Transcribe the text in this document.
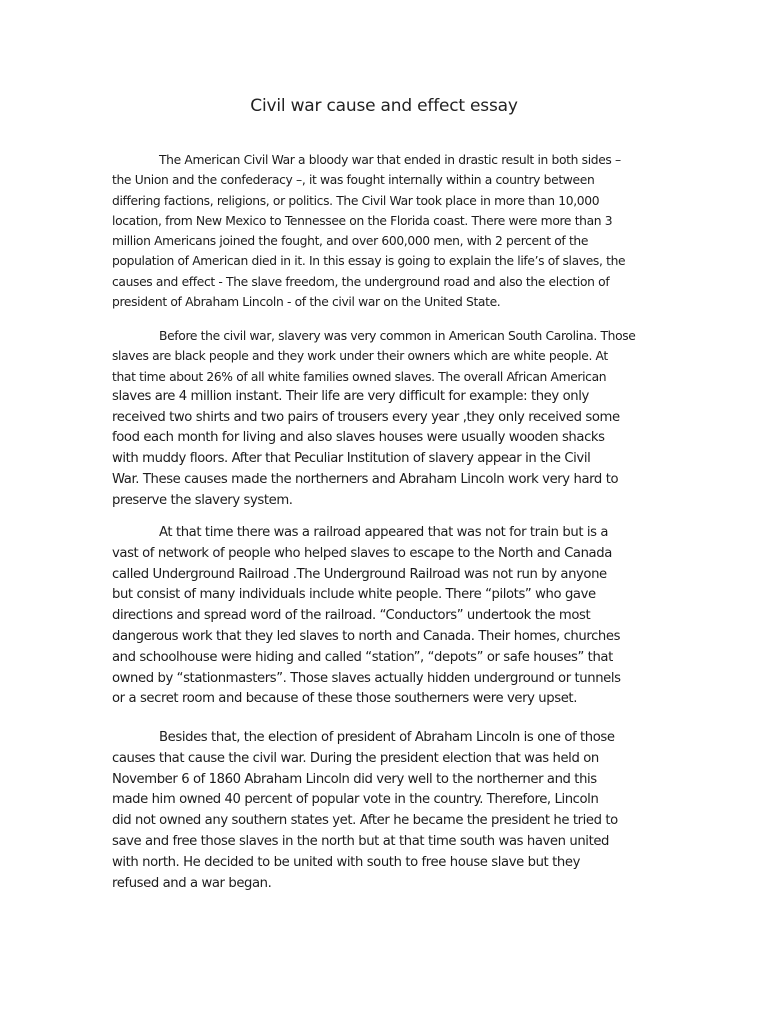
Civil war cause and effect essay
The American Civil War a bloody war that ended in drastic result in both sides –
the Union and the confederacy –, it was fought internally within a country between
differing factions, religions, or politics. The Civil War took place in more than 10,000
location, from New Mexico to Tennessee on the Florida coast. There were more than 3
million Americans joined the fought, and over 600,000 men, with 2 percent of the
population of American died in it. In this essay is going to explain the life’s of slaves, the
causes and effect - The slave freedom, the underground road and also the election of
president of Abraham Lincoln - of the civil war on the United State.
Before the civil war, slavery was very common in American South Carolina. Those
slaves are black people and they work under their owners which are white people. At
that time about 26% of all white families owned slaves. The overall African American
slaves are 4 million instant. Their life are very difficult for example: they only
received two shirts and two pairs of trousers every year ,they only received some
food each month for living and also slaves houses were usually wooden shacks
with muddy floors. After that Peculiar Institution of slavery appear in the Civil
War. These causes made the northerners and Abraham Lincoln work very hard to
preserve the slavery system.
At that time there was a railroad appeared that was not for train but is a
vast of network of people who helped slaves to escape to the North and Canada
called Underground Railroad .The Underground Railroad was not run by anyone
but consist of many individuals include white people. There “pilots” who gave
directions and spread word of the railroad. “Conductors” undertook the most
dangerous work that they led slaves to north and Canada. Their homes, churches
and schoolhouse were hiding and called “station”, “depots” or safe houses” that
owned by “stationmasters”. Those slaves actually hidden underground or tunnels
or a secret room and because of these those southerners were very upset.
Besides that, the election of president of Abraham Lincoln is one of those
causes that cause the civil war. During the president election that was held on
November 6 of 1860 Abraham Lincoln did very well to the northerner and this
made him owned 40 percent of popular vote in the country. Therefore, Lincoln
did not owned any southern states yet. After he became the president he tried to
save and free those slaves in the north but at that time south was haven united
with north. He decided to be united with south to free house slave but they
refused and a war began.
